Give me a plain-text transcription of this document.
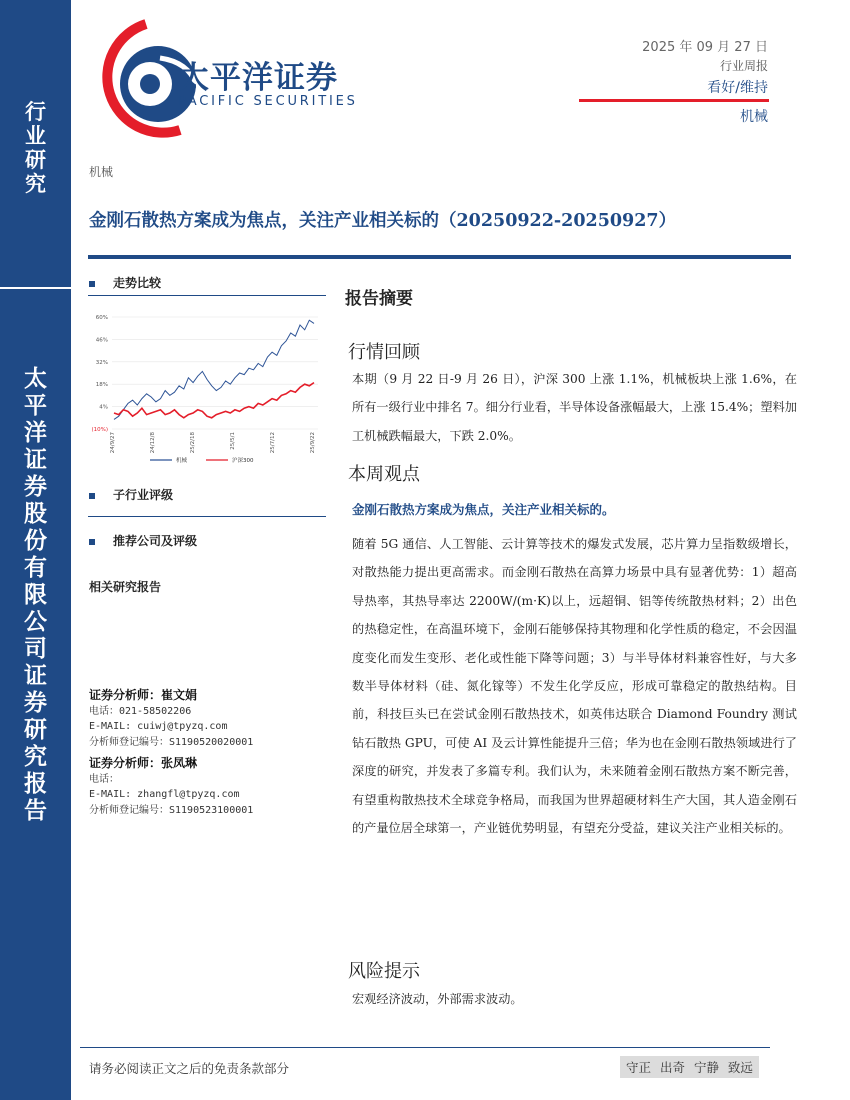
行
业
研
究
太
平
洋
证
券
股
份
有
限
公
司
证
券
研
究
报
告
太平洋证券
PACIFIC SECURITIES
2025 年 09 月 27 日
行业周报
看好/维持
机械
机械
金刚石散热方案成为焦点，关注产业相关标的（20250922-20250927）
走势比较
60%
46%
32%
18%
4%
(10%)
24/9/27	24/12/8	25/2/18	25/5/1	25/7/12	25/9/22
机械	沪深300
子行业评级
推荐公司及评级
相关研究报告
证券分析师：崔文娟
电话：021-58502206
E-MAIL: cuiwj@tpyzq.com
分析师登记编号：S1190520020001
证券分析师：张凤琳
电话：
E-MAIL: zhangfl@tpyzq.com
分析师登记编号：S1190523100001
报告摘要
行情回顾
本期（9 月 22 日-9 月 26 日），沪深 300 上涨 1.1%，机械板块上涨 1.6%，在所有一级行业中排名 7。细分行业看，半导体设备涨幅最大，上涨 15.4%；塑料加工机械跌幅最大，下跌 2.0%。
本周观点
金刚石散热方案成为焦点，关注产业相关标的。
随着 5G 通信、人工智能、云计算等技术的爆发式发展，芯片算力呈指数级增长，对散热能力提出更高需求。而金刚石散热在高算力场景中具有显著优势：1）超高导热率，其热导率达 2200W/(m·K)以上，远超铜、铝等传统散热材料；2）出色的热稳定性，在高温环境下，金刚石能够保持其物理和化学性质的稳定，不会因温度变化而发生变形、老化或性能下降等问题；3）与半导体材料兼容性好，与大多数半导体材料（硅、氮化镓等）不发生化学反应，形成可靠稳定的散热结构。目前，科技巨头已在尝试金刚石散热技术，如英伟达联合 Diamond Foundry 测试钻石散热 GPU，可使 AI 及云计算性能提升三倍；华为也在金刚石散热领域进行了深度的研究，并发表了多篇专利。我们认为，未来随着金刚石散热方案不断完善，有望重构散热技术全球竞争格局，而我国为世界超硬材料生产大国，其人造金刚石的产量位居全球第一，产业链优势明显，有望充分受益，建议关注产业相关标的。
风险提示
宏观经济波动，外部需求波动。
请务必阅读正文之后的免责条款部分	守正 出奇 宁静 致远
